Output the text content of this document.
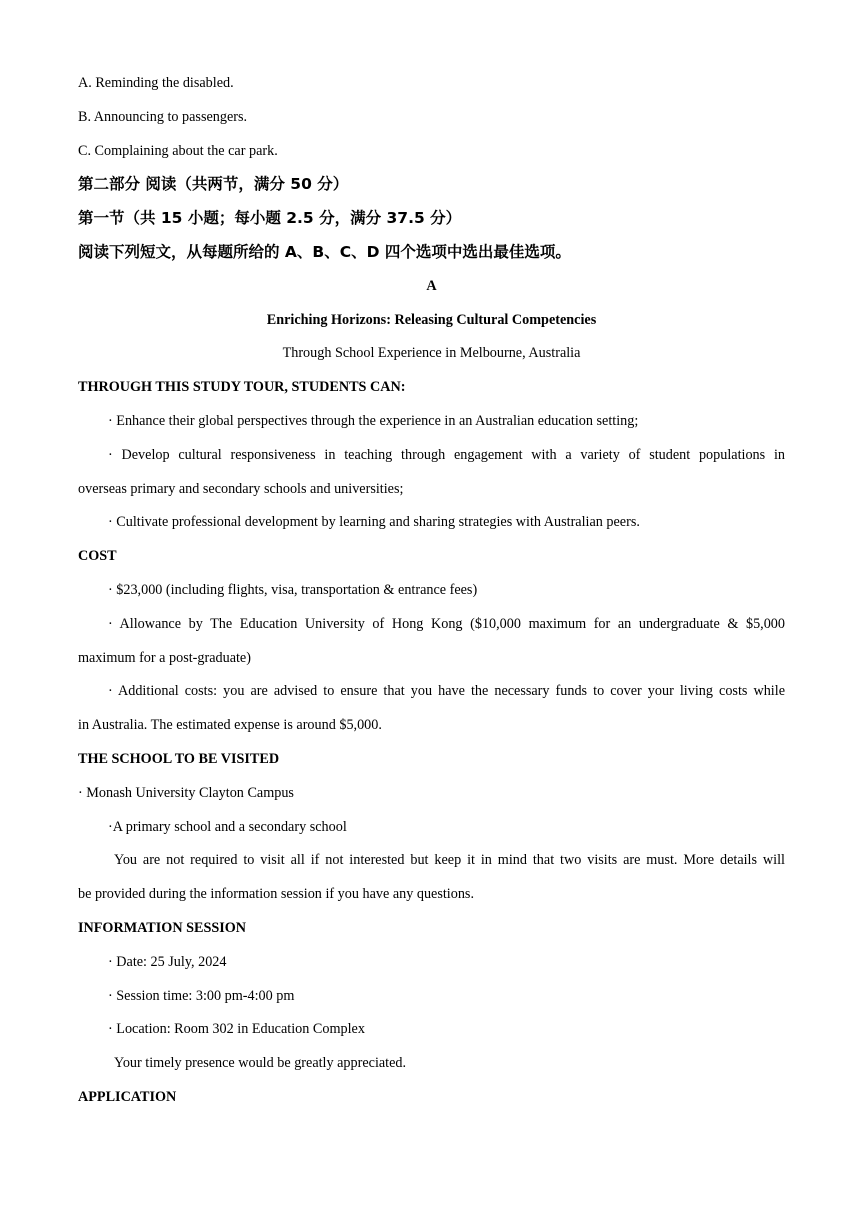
A. Reminding the disabled.
B. Announcing to passengers.
C. Complaining about the car park.
第二部分 阅读（共两节，满分 50 分）
第一节（共 15 小题；每小题 2.5 分，满分 37.5 分）
阅读下列短文，从每题所给的 A、B、C、D 四个选项中选出最佳选项。
A
Enriching Horizons: Releasing Cultural Competencies
Through School Experience in Melbourne, Australia
THROUGH THIS STUDY TOUR, STUDENTS CAN:
· Enhance their global perspectives through the experience in an Australian education setting;
· Develop cultural responsiveness in teaching through engagement with a variety of student populations in
overseas primary and secondary schools and universities;
· Cultivate professional development by learning and sharing strategies with Australian peers.
COST
· $23,000 (including flights, visa, transportation & entrance fees)
· Allowance by The Education University of Hong Kong ($10,000 maximum for an undergraduate & $5,000
maximum for a post-graduate)
· Additional costs: you are advised to ensure that you have the necessary funds to cover your living costs while
in Australia. The estimated expense is around $5,000.
THE SCHOOL TO BE VISITED
· Monash University Clayton Campus
·A primary school and a secondary school
You are not required to visit all if not interested but keep it in mind that two visits are must. More details will
be provided during the information session if you have any questions.
INFORMATION SESSION
· Date: 25 July, 2024
· Session time: 3:00 pm-4:00 pm
· Location: Room 302 in Education Complex
Your timely presence would be greatly appreciated.
APPLICATION
